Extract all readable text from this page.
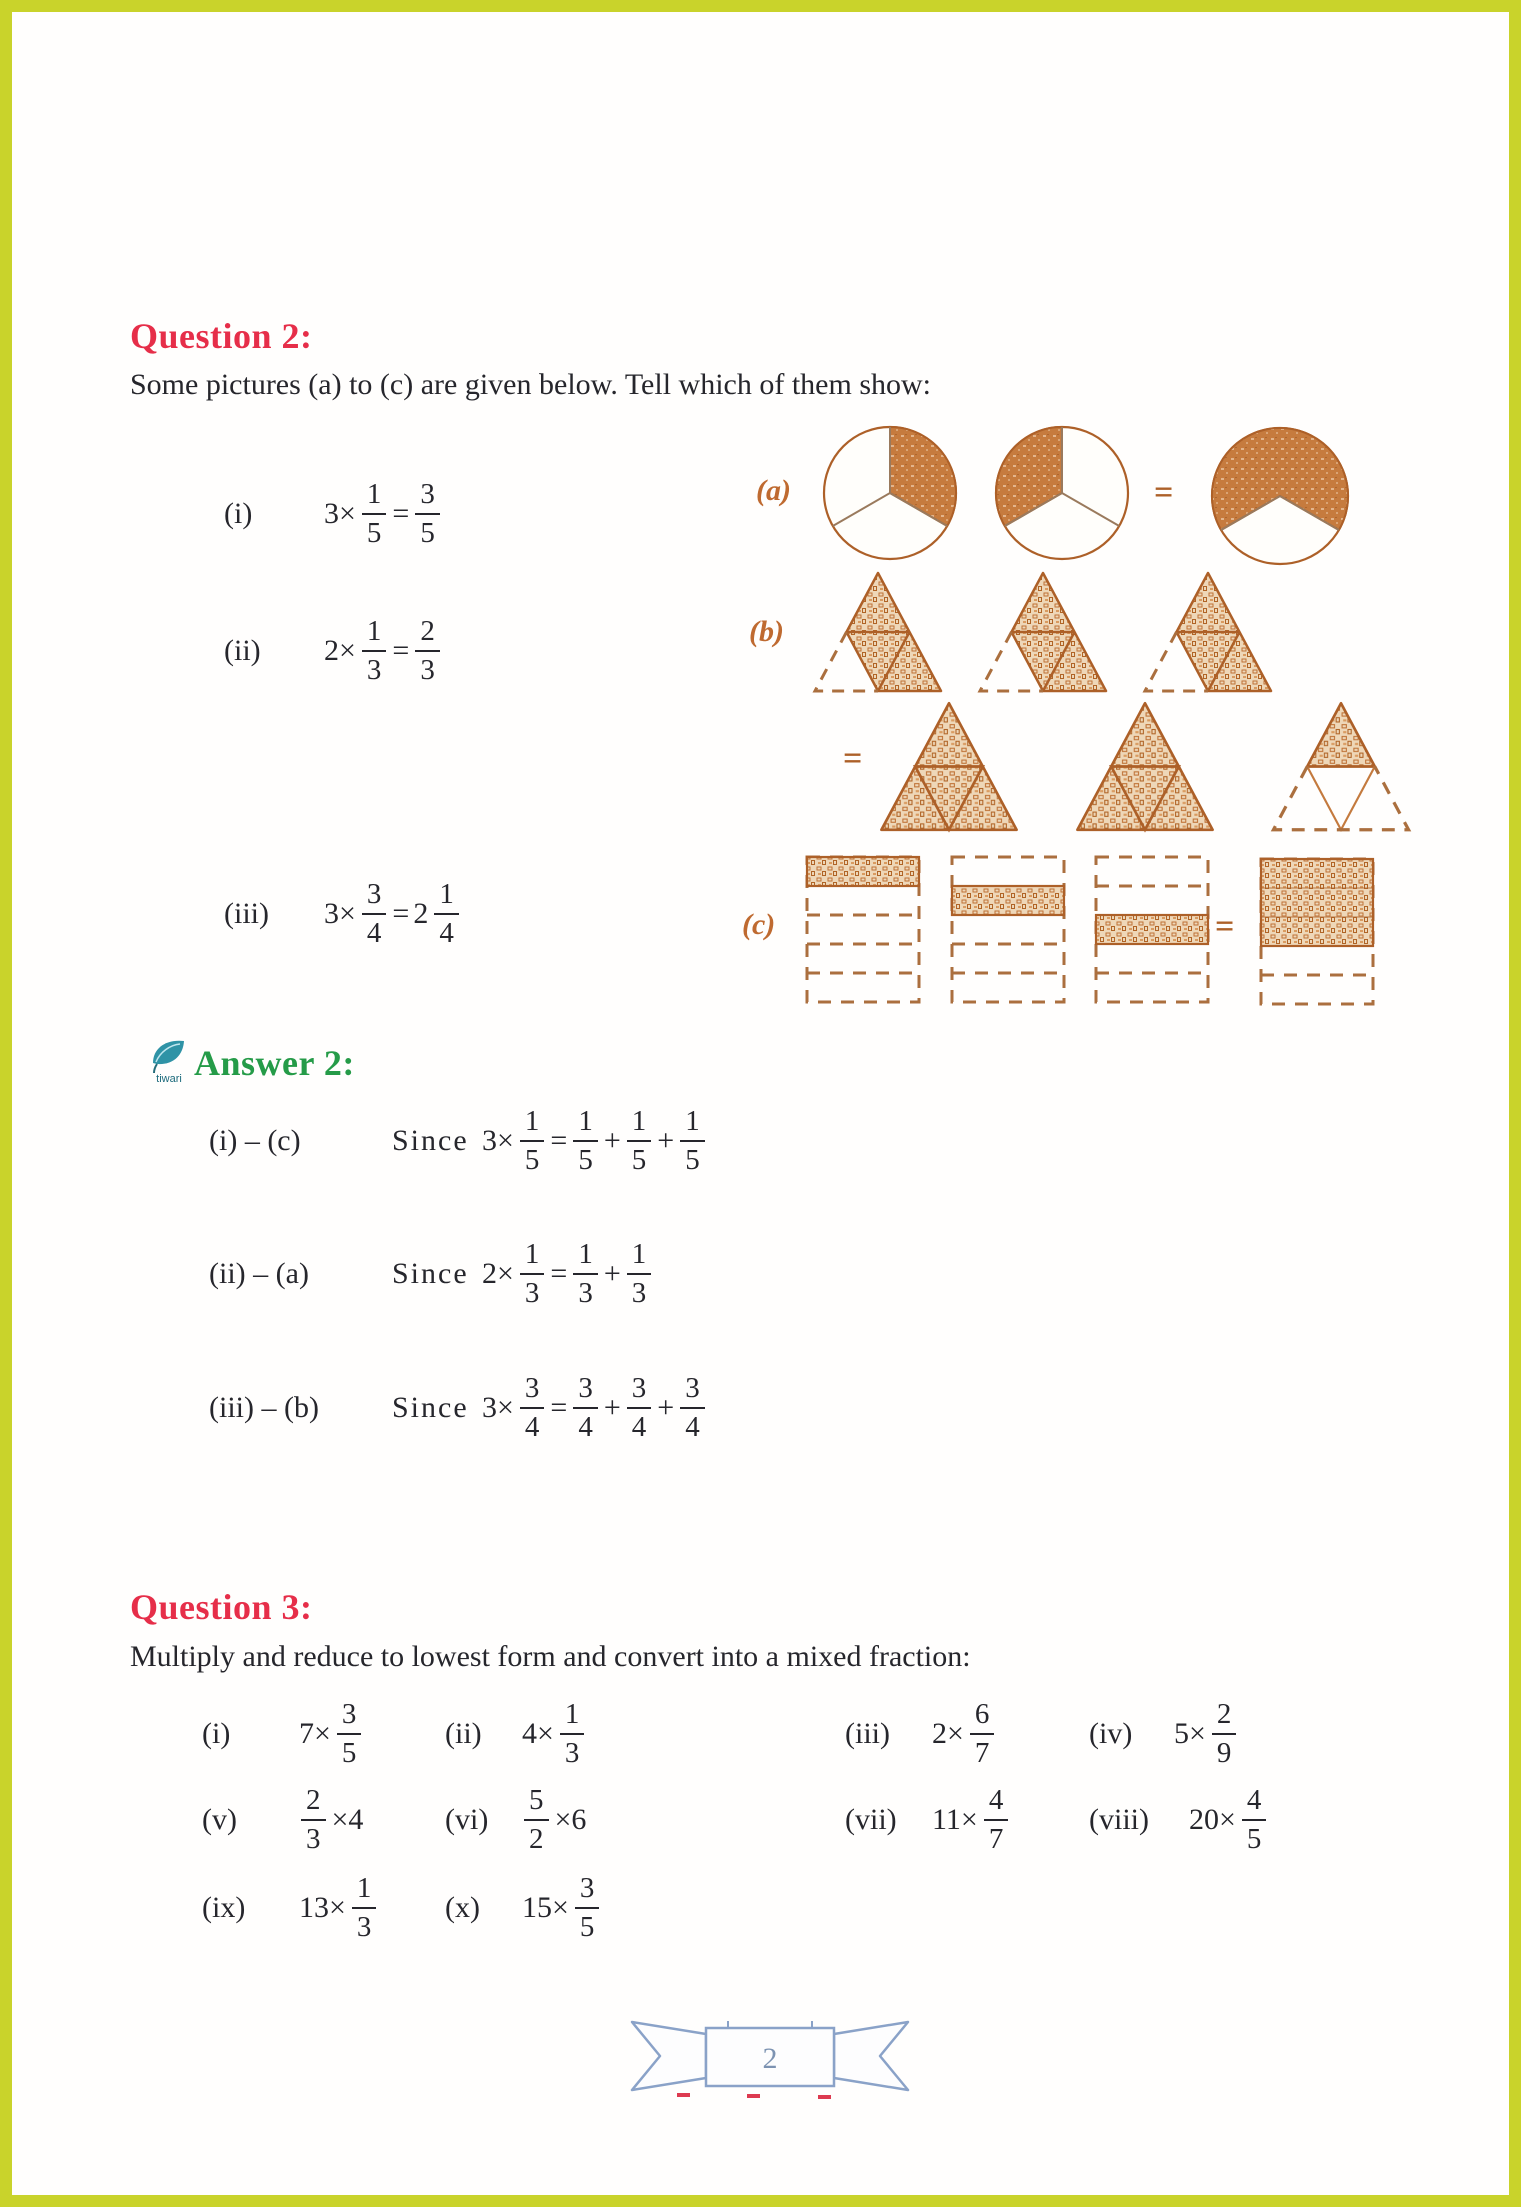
Question 2:
Some pictures (a) to (c) are given below. Tell which of them show:
(i) $3\times \frac{1}{5} = \frac{3}{5}$
(ii) $2\times \frac{1}{3} = \frac{2}{3}$
(iii) $3\times \frac{3}{4} = 2 \frac{1}{4}$
(a)	=
(b)
=
(c)	=
tiwari Answer 2:
(i) – (c)	Since $3\times \frac{1}{5} = \frac{1}{5} + \frac{1}{5} + \frac{1}{5}$
(ii) – (a)	Since $2\times \frac{1}{3} = \frac{1}{3} + \frac{1}{3}$
(iii) – (b) Since $3\times \frac{3}{4} = \frac{3}{4} + \frac{3}{4} + \frac{3}{4}$
Question 3:
Multiply and reduce to lowest form and convert into a mixed fraction:
(i) $7\times \frac{3}{5}$	(ii) $4\times \frac{1}{3}$	(iii) $2\times \frac{6}{7}$	(iv) $5\times \frac{2}{9}$
$(v) \frac{2}{3} \times 4$	$(vi) \frac{5}{2} \times 6$	(vii) $11\times \frac{4}{7}$	(viii) $20\times \frac{4}{5}$
(ix) $13\times \frac{1}{3} (x)$ $15\times \frac{3}{5}$
2
